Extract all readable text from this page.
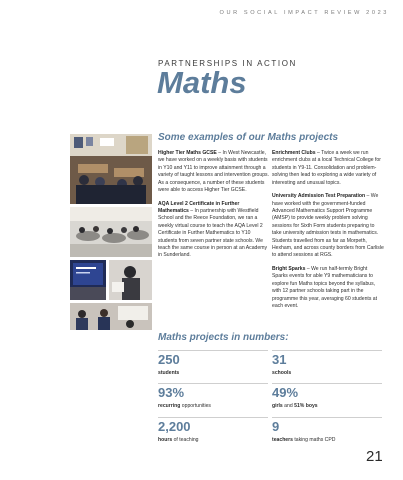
OUR SOCIAL IMPACT REVIEW 2023
PARTNERSHIPS IN ACTION
Maths
Some examples of our Maths projects

Higher Tier Maths GCSE – In West Newcastle, we have worked on a weekly basis with students in Y10 and Y11 to improve attainment through a variety of taught lessons and intervention groups. As a consequence, a number of these students were able to access Higher Tier GCSE.

AQA Level 2 Certificate in Further Mathematics – In partnership with Westfield School and the Reece Foundation, we ran a weekly virtual course to teach the AQA Level 2 Certificate in Further Mathematics to Y10 students from seven partner state schools. We teach the same course in person at an Academy in Sunderland.

Enrichment Clubs – Twice a week we run enrichment clubs at a local Technical College for students in Y9-11. Consolidation and problem-solving then lead to exploring a wide variety of interesting and unusual topics.

University Admission Test Preparation – We have worked with the government-funded Advanced Mathematics Support Programme (AMSP) to provide weekly problem solving sessions for Sixth Form students preparing to take university admission tests in mathematics. Students travelled from as far as Morpeth, Hexham, and across county borders from Carlisle to attend sessions at RGS.

Bright Sparks – We run half-termly Bright Sparks events for able Y9 mathematicians to explore fun Maths topics beyond the syllabus, with 12 partner schools taking part in the programme this year, averaging 60 students at each event.

Maths projects in numbers:
250
students
31
schools
93%
recurring opportunities
49%
girls and 51% boys
2,200
hours of teaching
9
teachers taking maths CPD
21
